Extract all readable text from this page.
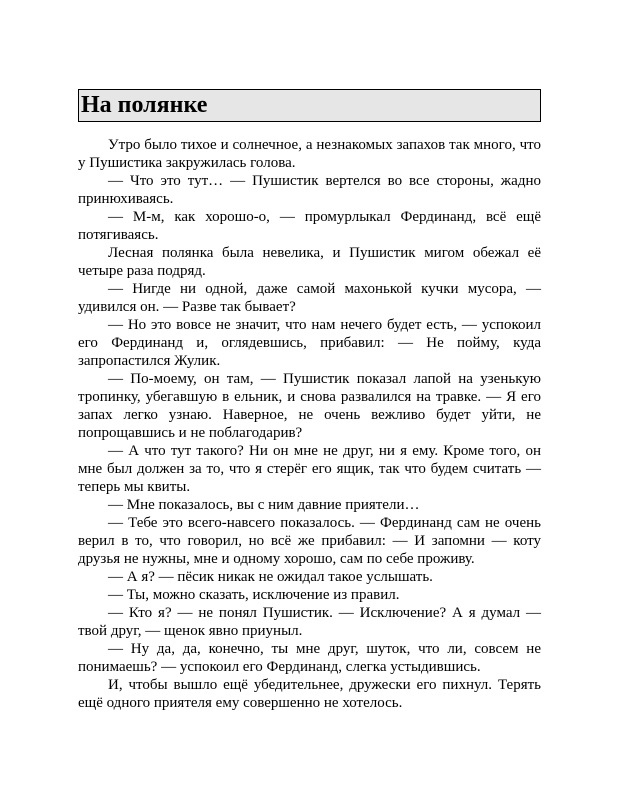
На полянке

Утро было тихое и солнечное, а незнакомых запахов так много, что у Пушистика закружилась голова.

— Что это тут… — Пушистик вертелся во все стороны, жадно принюхиваясь.

— М-м, как хорошо-о, — промурлыкал Фердинанд, всё ещё потягиваясь.

Лесная полянка была невелика, и Пушистик мигом обежал её четыре раза подряд.

— Нигде ни одной, даже самой махонькой кучки мусора, — удивился он. — Разве так бывает?

— Но это вовсе не значит, что нам нечего будет есть, — успокоил его Фердинанд и, оглядевшись, прибавил: — Не пойму, куда запропастился Жулик.

— По-моему, он там, — Пушистик показал лапой на узенькую тропинку, убегавшую в ельник, и снова развалился на травке. — Я его запах легко узнаю. Наверное, не очень вежливо будет уйти, не попрощавшись и не поблагодарив?

— А что тут такого? Ни он мне не друг, ни я ему. Кроме того, он мне был должен за то, что я стерёг его ящик, так что будем считать — теперь мы квиты.

— Мне показалось, вы с ним давние приятели…

— Тебе это всего-навсего показалось. — Фердинанд сам не очень верил в то, что говорил, но всё же прибавил: — И запомни — коту друзья не нужны, мне и одному хорошо, сам по себе проживу.

— А я? — пёсик никак не ожидал такое услышать.

— Ты, можно сказать, исключение из правил.

— Кто я? — не понял Пушистик. — Исключение? А я думал — твой друг, — щенок явно приуныл.

— Ну да, да, конечно, ты мне друг, шуток, что ли, совсем не понимаешь? — успокоил его Фердинанд, слегка устыдившись.

И, чтобы вышло ещё убедительнее, дружески его пихнул. Терять ещё одного приятеля ему совершенно не хотелось.
